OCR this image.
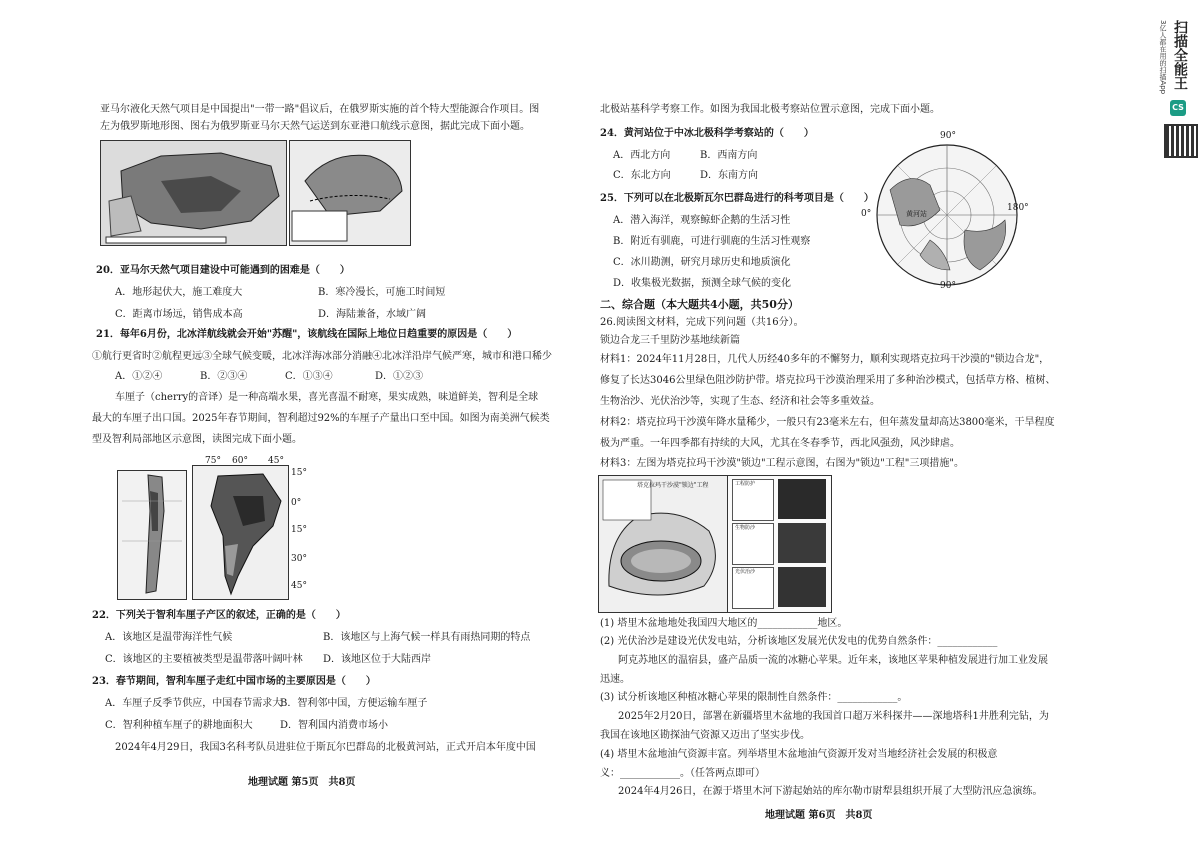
扫描全能王
3亿人都在用的扫描App
CS
亚马尔液化天然气项目是中国提出"一带一路"倡议后，在俄罗斯实施的首个特大型能源合作项目。图
左为俄罗斯地形图、图右为俄罗斯亚马尔天然气运送到东亚港口航线示意图，据此完成下面小题。
20．亚马尔天然气项目建设中可能遇到的困难是（　　）
A．地形起伏大，施工难度大	B．寒冷漫长，可施工时间短
C．距离市场远，销售成本高	D．海陆兼备，水域广阔
21．每年6月份，北冰洋航线就会开始"苏醒"，该航线在国际上地位日趋重要的原因是（　　）
①航行更省时②航程更远③全球气候变暖，北冰洋海冰部分消融④北冰洋沿岸气候严寒，城市和港口稀少
A．①②④	B．②③④	C．①③④	D．①②③
车厘子（cherry的音译）是一种高端水果，喜光喜温不耐寒，果实成熟，味道鲜美，智利是全球
最大的车厘子出口国。2025年春节期间，智利超过92%的车厘子产量出口至中国。如图为南美洲气候类
型及智利局部地区示意图，读图完成下面小题。
75° 60° 45°
15°
0°
15°
30°
45°
22．下列关于智利车厘子产区的叙述，正确的是（　　）
A．该地区是温带海洋性气候	B．该地区与上海气候一样具有雨热同期的特点
C．该地区的主要植被类型是温带落叶阔叶林 D．该地区位于大陆西岸
23．春节期间，智利车厘子走红中国市场的主要原因是（　　）
A．车厘子反季节供应，中国春节需求大
B．智利邻中国，方便运输车厘子
C．智利种植车厘子的耕地面积大	D．智利国内消费市场小
2024年4月29日，我国3名科考队员进驻位于斯瓦尔巴群岛的北极黄河站，正式开启本年度中国
地理试题 第5页　共8页
北极站基科学考察工作。如图为我国北极考察站位置示意图，完成下面小题。
24．黄河站位于中冰北极科学考察站的（　　）
A．西北方向	B．西南方向
C．东北方向	D．东南方向
25．下列可以在北极斯瓦尔巴群岛进行的科考项目是（　　）
A．潜入海洋，观察鲸虾企鹅的生活习性
B．附近有驯鹿，可进行驯鹿的生活习性观察
C．冰川勘测，研究月球历史和地质演化
D．收集极光数据，预测全球气候的变化
90°
90°
0°
180°
黄河站
二、综合题（本大题共4小题，共50分）
26.阅读图文材料，完成下列问题（共16分）。
锁边合龙三千里防沙基地续新篇
材料1：2024年11月28日，几代人历经40多年的不懈努力，顺利实现塔克拉玛干沙漠的"锁边合龙"，
修复了长达3046公里绿色阻沙防护带。塔克拉玛干沙漠治理采用了多种治沙模式，包括草方格、植树、
生物治沙、光伏治沙等，实现了生态、经济和社会等多重效益。
材料2：塔克拉玛干沙漠年降水量稀少，一般只有23毫米左右，但年蒸发量却高达3800毫米，干旱程度
极为严重。一年四季都有持续的大风，尤其在冬春季节，西北风强劲，风沙肆虐。
材料3：左图为塔克拉玛干沙漠"锁边"工程示意图，右图为"锁边"工程"三项措施"。
塔克拉玛干沙漠"锁边"工程	工程防护
生物防沙
光伏治沙
(1) 塔里木盆地地处我国四大地区的____________地区。
(2) 光伏治沙是建设光伏发电站，分析该地区发展光伏发电的优势自然条件：____________
阿克苏地区的温宿县，盛产品质一流的冰糖心苹果。近年来，该地区苹果种植发展进行加工业发展
迅速。
(3) 试分析该地区种植冰糖心苹果的限制性自然条件：____________。
2025年2月20日，部署在新疆塔里木盆地的我国首口超万米科探井——深地塔科1井胜利完钻，为
我国在该地区勘探油气资源又迈出了坚实步伐。
(4) 塔里木盆地油气资源丰富。列举塔里木盆地油气资源开发对当地经济社会发展的积极意
义：____________。（任答两点即可）
2024年4月26日，在源于塔里木河下游起始站的库尔勒市尉犁县组织开展了大型防汛应急演练。
地理试题 第6页　共8页
